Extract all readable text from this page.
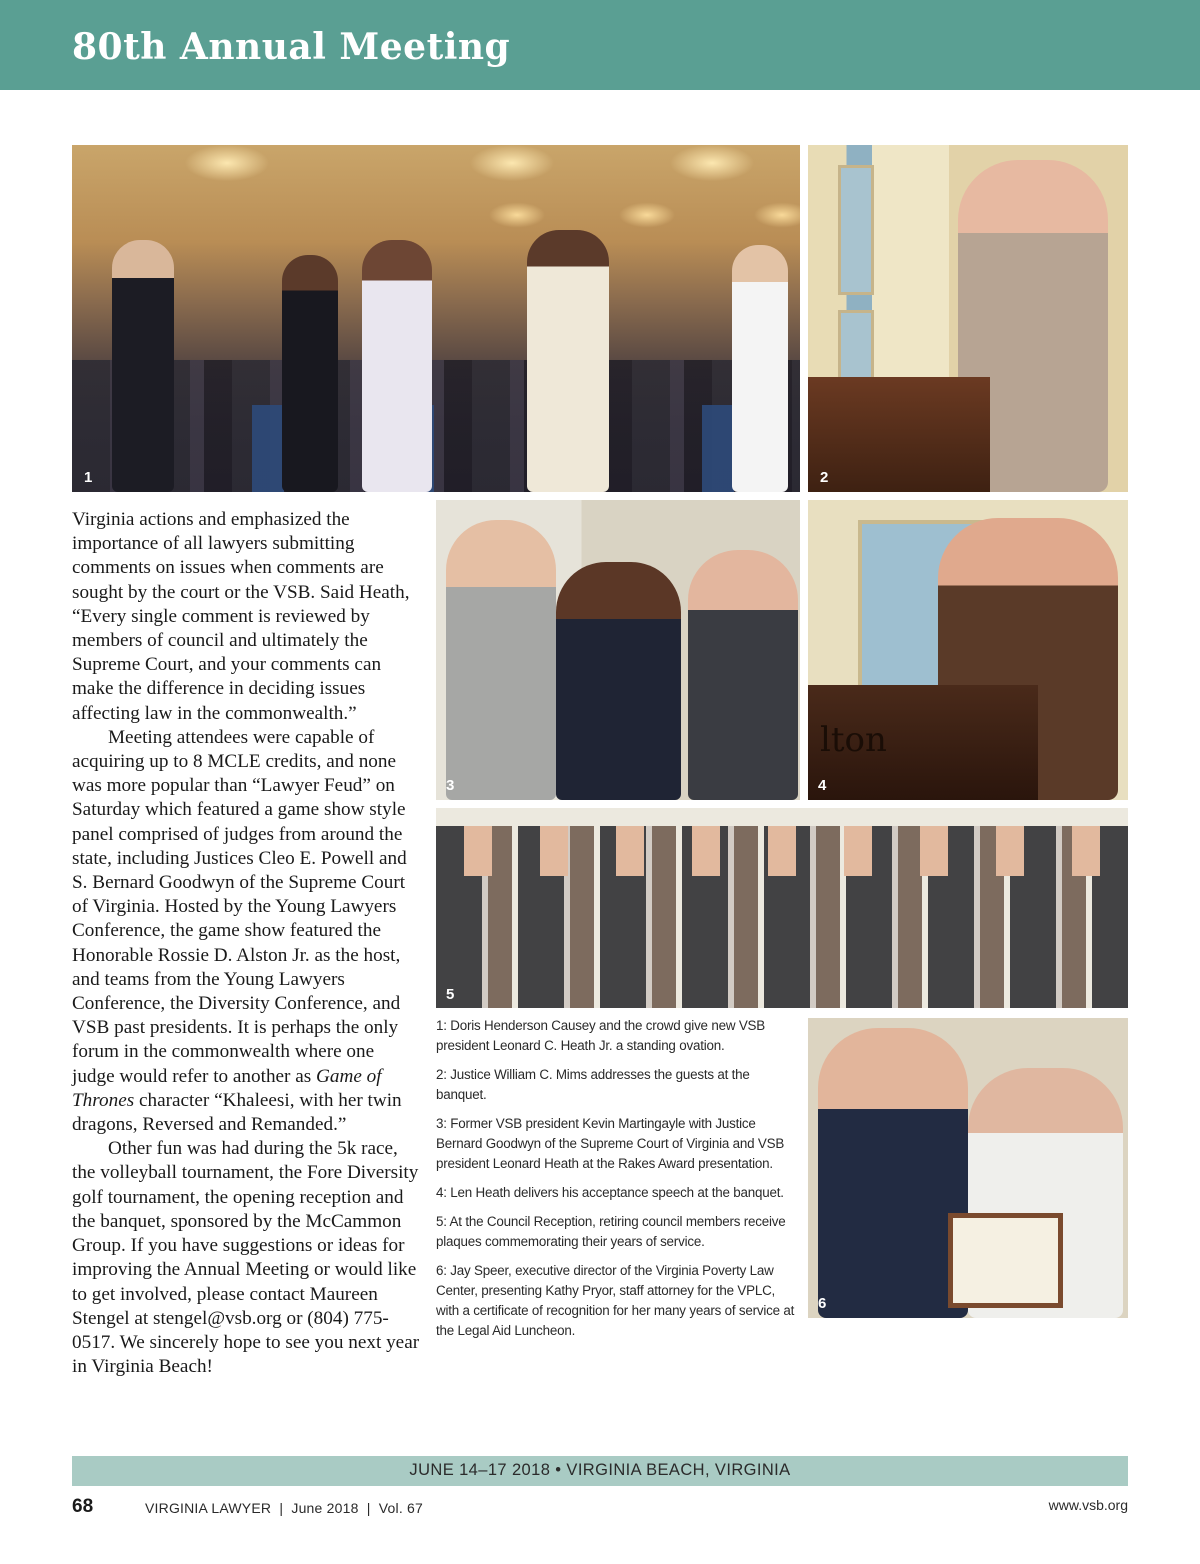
80th Annual Meeting
1	2
3
lton
4
5
6

Virginia actions and emphasized the importance of all lawyers submitting comments on issues when comments are sought by the court or the VSB. Said Heath, “Every single comment is reviewed by members of council and ultimately the Supreme Court, and your comments can make the difference in deciding issues affecting law in the commonwealth.”

Meeting attendees were capable of acquiring up to 8 MCLE credits, and none was more popular than “Lawyer Feud” on Saturday which featured a game show style panel comprised of judges from around the state, including Justices Cleo E. Powell and S. Bernard Goodwyn of the Supreme Court of Virginia. Hosted by the Young Lawyers Conference, the game show featured the Honorable Rossie D. Alston Jr. as the host, and teams from the Young Lawyers Conference, the Diversity Conference, and VSB past presidents. It is perhaps the only forum in the commonwealth where one judge would refer to another as Game of Thrones character “Khaleesi, with her twin dragons, Reversed and Remanded.”

Other fun was had during the 5k race, the volleyball tournament, the Fore Diversity golf tournament, the opening reception and the banquet, sponsored by the McCammon Group. If you have suggestions or ideas for improving the Annual Meeting or would like to get involved, please contact Maureen Stengel at stengel@vsb.org or (804) 775-0517. We sincerely hope to see you next year in Virginia Beach!

1: Doris Henderson Causey and the crowd give new VSB president Leonard C. Heath Jr. a standing ovation.

2: Justice William C. Mims addresses the guests at the banquet.

3: Former VSB president Kevin Martingayle with Justice Bernard Goodwyn of the Supreme Court of Virginia and VSB president Leonard Heath at the Rakes Award presentation.

4: Len Heath delivers his acceptance speech at the banquet.

5: At the Council Reception, retiring council members receive plaques commemorating their years of service.

6: Jay Speer, executive director of the Virginia Poverty Law Center, presenting Kathy Pryor, staff attorney for the VPLC, with a certificate of recognition for her many years of service at the Legal Aid Luncheon.

JUNE 14–17 2018 • VIRGINIA BEACH, VIRGINIA
68	VIRGINIA LAWYER  |  June 2018  |  Vol. 67	www.vsb.org
